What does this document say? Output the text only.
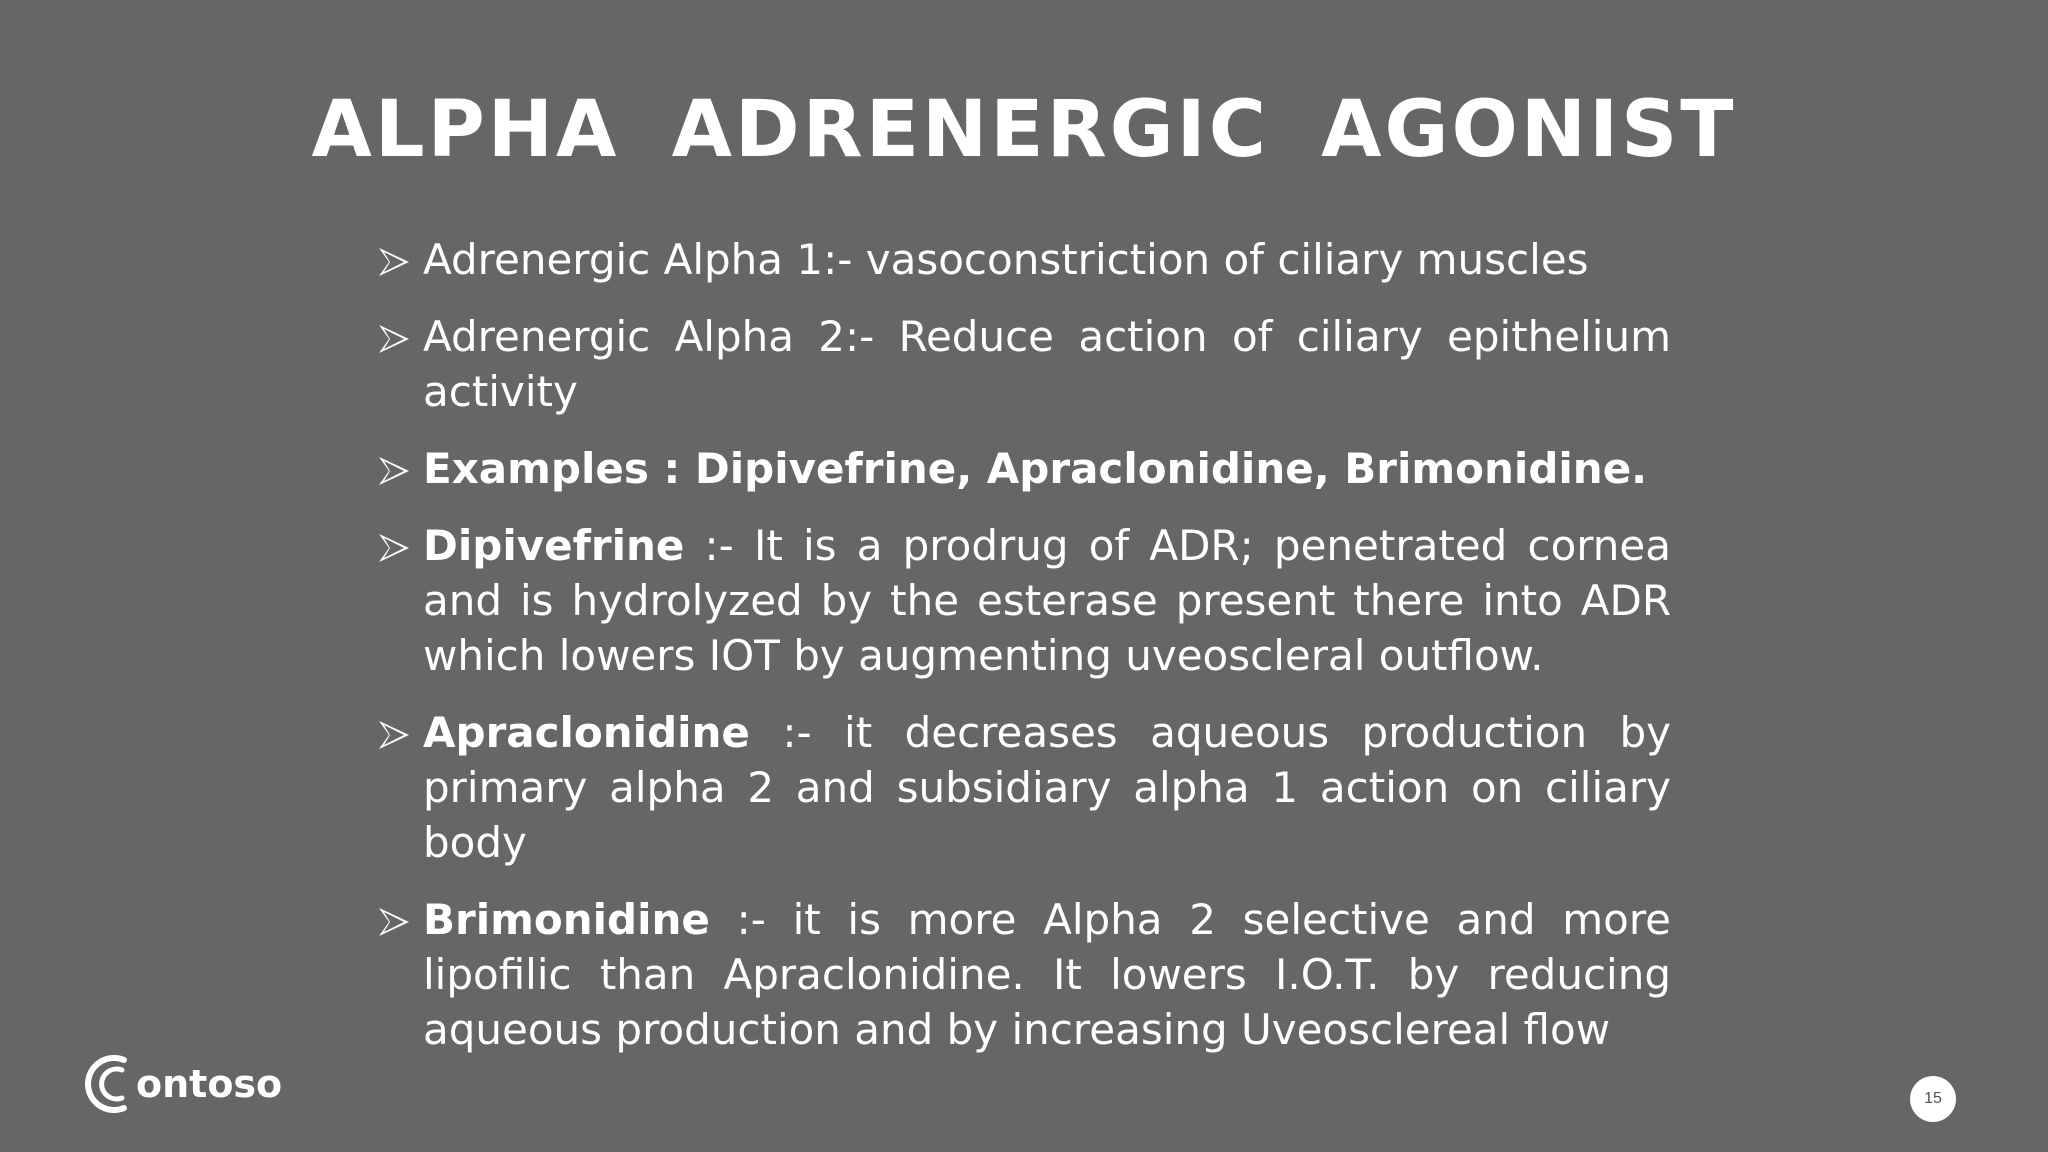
ALPHA ADRENERGIC AGONIST
Adrenergic Alpha 1:- vasoconstriction of ciliary muscles
Adrenergic Alpha 2:- Reduce action of ciliary epithelium activity
Examples : Dipivefrine, Apraclonidine, Brimonidine.
Dipivefrine :- It is a prodrug of ADR; penetrated cornea and is hydrolyzed by the esterase present there into ADR which lowers IOT by augmenting uveoscleral outflow.
Apraclonidine :- it decreases aqueous production by primary alpha 2 and subsidiary alpha 1 action on ciliary body
Brimonidine :- it is more Alpha 2 selective and more lipofilic than Apraclonidine. It lowers I.O.T. by reducing aqueous production and by increasing Uveosclereal flow
ontoso	15
